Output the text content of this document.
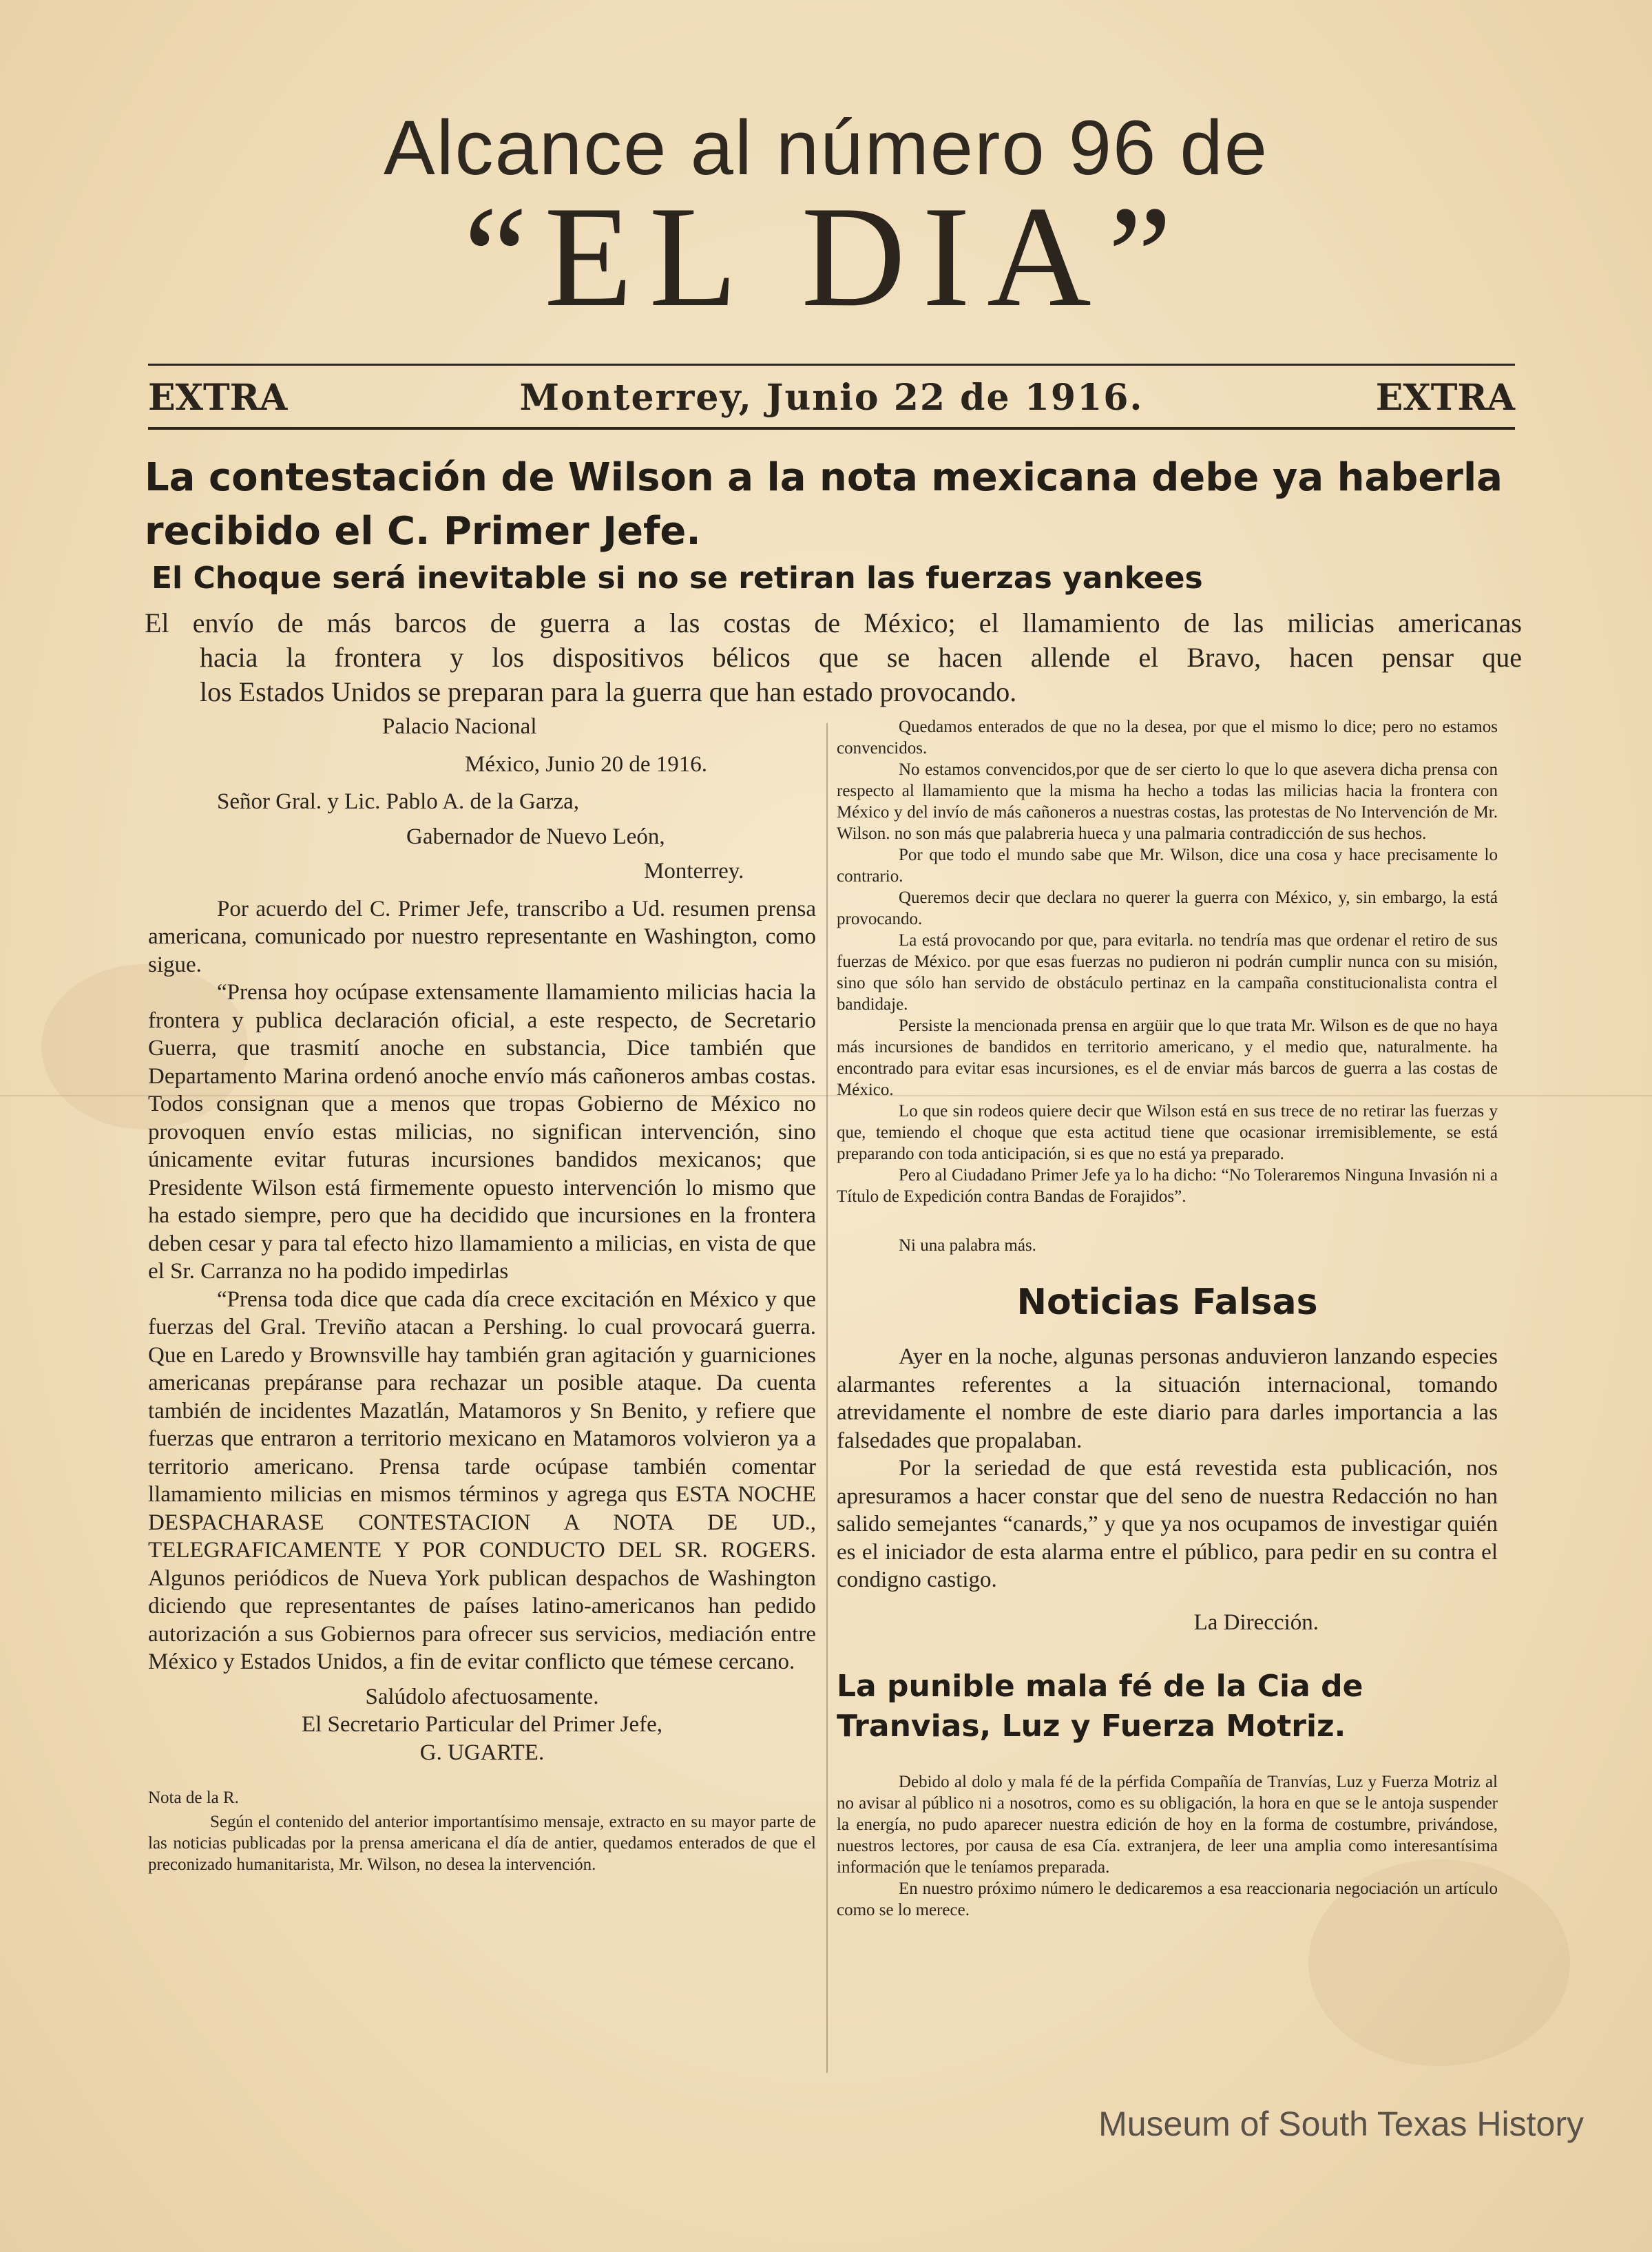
Alcance al número 96 de
“EL DIA”
EXTRA	Monterrey, Junio 22 de 1916.	EXTRA
La contestación de Wilson a la nota mexicana debe ya haberla recibido el C. Primer Jefe.
El Choque será inevitable si no se retiran las fuerzas yankees

El envío de más barcos de guerra a las costas de México; el llamamiento de las milicias americanas

hacia la frontera y los dispositivos bélicos que se hacen allende el Bravo, hacen pensar que

los Estados Unidos se preparan para la guerra que han estado provocando.

Palacio Nacional

México, Junio 20 de 1916.

Señor Gral. y Lic. Pablo A. de la Garza,

Gabernador de Nuevo León,

Monterrey.

Por acuerdo del C. Primer Jefe, transcribo a Ud. resumen prensa americana, comunicado por nuestro representante en Washington, como sigue.

“Prensa hoy ocúpase extensamente llamamiento milicias hacia la frontera y publica declaración oficial, a este respecto, de Secretario Guerra, que trasmití anoche en substancia, Dice también que Departamento Marina ordenó anoche envío más cañoneros ambas costas. Todos consignan que a menos que tropas Gobierno de México no provoquen envío estas milicias, no significan intervención, sino únicamente evitar futuras incursiones bandidos mexicanos; que Presidente Wilson está firmemente opuesto intervención lo mismo que ha estado siempre, pero que ha decidido que incursiones en la frontera deben cesar y para tal efecto hizo llamamiento a milicias, en vista de que el Sr. Carranza no ha podido impedirlas

“Prensa toda dice que cada día crece excitación en México y que fuerzas del Gral. Treviño atacan a Pershing. lo cual provocará guerra. Que en Laredo y Brownsville hay también gran agitación y guarniciones americanas prepáranse para rechazar un posible ataque. Da cuenta también de incidentes Mazatlán, Matamoros y Sn Benito, y refiere que fuerzas que entraron a territorio mexicano en Matamoros volvieron ya a territorio americano. Prensa tarde ocúpase también comentar llamamiento milicias en mismos términos y agrega qus ESTA NOCHE DESPACHARASE CONTESTACION A NOTA DE UD., TELEGRAFICAMENTE Y POR CONDUCTO DEL SR. ROGERS. Algunos periódicos de Nueva York publican despachos de Washington diciendo que representantes de países latino-americanos han pedido autorización a sus Gobiernos para ofrecer sus servicios, mediación entre México y Estados Unidos, a fin de evitar conflicto que témese cercano.

Salúdolo afectuosamente.

El Secretario Particular del Primer Jefe,

G. UGARTE.

Nota de la R.

Según el contenido del anterior importantísimo mensaje, extracto en su mayor parte de las noticias publicadas por la prensa americana el día de antier, quedamos enterados de que el preconizado humanitarista, Mr. Wilson, no desea la intervención.

Quedamos enterados de que no la desea, por que el mismo lo dice; pero no estamos convencidos.

No estamos convencidos,por que de ser cierto lo que lo que asevera dicha prensa con respecto al llamamiento que la misma ha hecho a todas las milicias hacia la frontera con México y del invío de más cañoneros a nuestras costas, las protestas de No Intervención de Mr. Wilson. no son más que palabreria hueca y una palmaria contradicción de sus hechos.

Por que todo el mundo sabe que Mr. Wilson, dice una cosa y hace precisamente lo contrario.

Queremos decir que declara no querer la guerra con México, y, sin embargo, la está provocando.

La está provocando por que, para evitarla. no tendría mas que ordenar el retiro de sus fuerzas de México. por que esas fuerzas no pudieron ni podrán cumplir nunca con su misión, sino que sólo han servido de obstáculo pertinaz en la campaña constitucionalista contra el bandidaje.

Persiste la mencionada prensa en argüir que lo que trata Mr. Wilson es de que no haya más incursiones de bandidos en territorio americano, y el medio que, naturalmente. ha encontrado para evitar esas incursiones, es el de enviar más barcos de guerra a las costas de México.

Lo que sin rodeos quiere decir que Wilson está en sus trece de no retirar las fuerzas y que, temiendo el choque que esta actitud tiene que ocasionar irremisiblemente, se está preparando con toda anticipación, si es que no está ya preparado.

Pero al Ciudadano Primer Jefe ya lo ha dicho: “No Toleraremos Ninguna Invasión ni a Título de Expedición contra Bandas de Forajidos”.

Ni una palabra más.

Noticias Falsas

Ayer en la noche, algunas personas anduvieron lanzando especies alarmantes referentes a la situación internacional, tomando atrevidamente el nombre de este diario para darles importancia a las falsedades que propalaban.

Por la seriedad de que está revestida esta publicación, nos apresuramos a hacer constar que del seno de nuestra Redacción no han salido semejantes “canards,” y que ya nos ocupamos de investigar quién es el iniciador de esta alarma entre el público, para pedir en su contra el condigno castigo.

La Dirección.

La punible mala fé de la Cia de Tranvias, Luz y Fuerza Motriz.

Debido al dolo y mala fé de la pérfida Compañía de Tranvías, Luz y Fuerza Motriz al no avisar al público ni a nosotros, como es su obligación, la hora en que se le antoja suspender la energía, no pudo aparecer nuestra edición de hoy en la forma de costumbre, privándose, nuestros lectores, por causa de esa Cía. extranjera, de leer una amplia como interesantísima información que le teníamos preparada.

En nuestro próximo número le dedicaremos a esa reaccionaria negociación un artículo como se lo merece.

Museum of South Texas History
